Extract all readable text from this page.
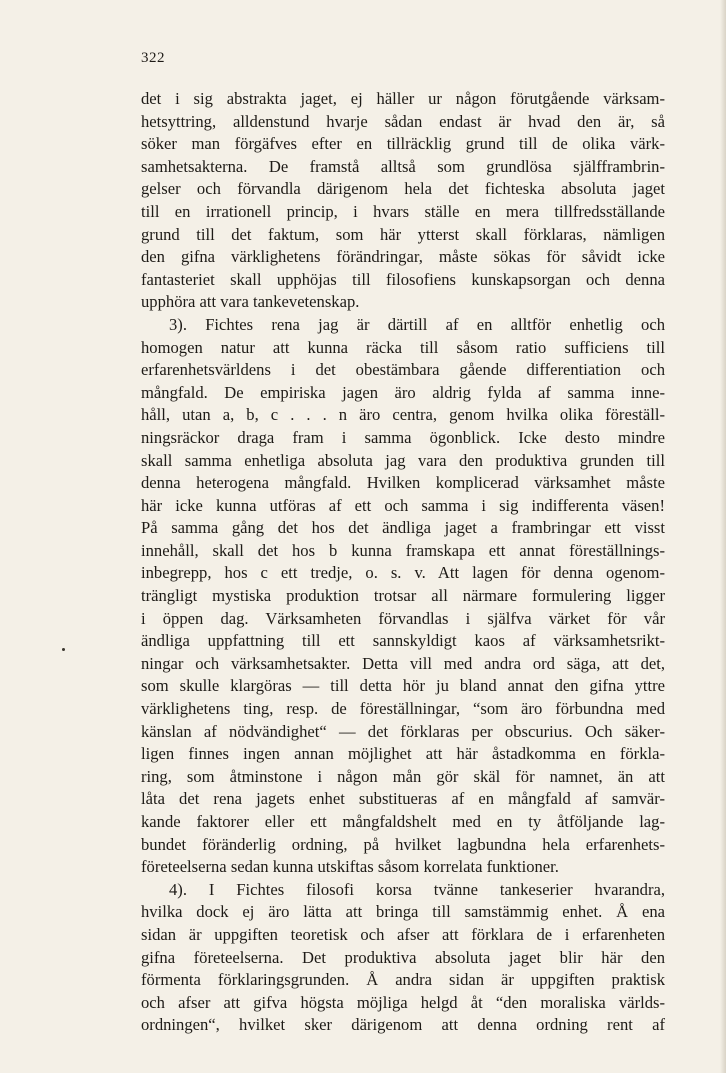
322
det i sig abstrakta jaget, ej häller ur någon förutgående värksam-
hetsyttring, alldenstund hvarje sådan endast är hvad den är, så
söker man förgäfves efter en tillräcklig grund till de olika värk-
samhetsakterna. De framstå alltså som grundlösa själfframbrin-
gelser och förvandla därigenom hela det fichteska absoluta jaget
till en irrationell princip, i hvars ställe en mera tillfredsställande
grund till det faktum, som här ytterst skall förklaras, nämligen
den gifna värklighetens förändringar, måste sökas för såvidt icke
fantasteriet skall upphöjas till filosofiens kunskapsorgan och denna
upphöra att vara tankevetenskap.
3). Fichtes rena jag är därtill af en alltför enhetlig och
homogen natur att kunna räcka till såsom ratio sufficiens till
erfarenhetsvärldens i det obestämbara gående differentiation och
mångfald. De empiriska jagen äro aldrig fylda af samma inne-
håll, utan a, b, c . . . n äro centra, genom hvilka olika föreställ-
ningsräckor draga fram i samma ögonblick. Icke desto mindre
skall samma enhetliga absoluta jag vara den produktiva grunden till
denna heterogena mångfald. Hvilken komplicerad värksamhet måste
här icke kunna utföras af ett och samma i sig indifferenta väsen!
På samma gång det hos det ändliga jaget a frambringar ett visst
innehåll, skall det hos b kunna framskapa ett annat föreställnings-
inbegrepp, hos c ett tredje, o. s. v. Att lagen för denna ogenom-
trängligt mystiska produktion trotsar all närmare formulering ligger
i öppen dag. Värksamheten förvandlas i själfva värket för vår
ändliga uppfattning till ett sannskyldigt kaos af värksamhetsrikt-
ningar och värksamhetsakter. Detta vill med andra ord säga, att det,
som skulle klargöras — till detta hör ju bland annat den gifna yttre
värklighetens ting, resp. de föreställningar, “som äro förbundna med
känslan af nödvändighet“ — det förklaras per obscurius. Och säker-
ligen finnes ingen annan möjlighet att här åstadkomma en förkla-
ring, som åtminstone i någon mån gör skäl för namnet, än att
låta det rena jagets enhet substitueras af en mångfald af samvär-
kande faktorer eller ett mångfaldshelt med en ty åtföljande lag-
bundet föränderlig ordning, på hvilket lagbundna hela erfarenhets-
företeelserna sedan kunna utskiftas såsom korrelata funktioner.
4). I Fichtes filosofi korsa tvänne tankeserier hvarandra,
hvilka dock ej äro lätta att bringa till samstämmig enhet. Å ena
sidan är uppgiften teoretisk och afser att förklara de i erfarenheten
gifna företeelserna. Det produktiva absoluta jaget blir här den
förmenta förklaringsgrunden. Å andra sidan är uppgiften praktisk
och afser att gifva högsta möjliga helgd åt “den moraliska världs-
ordningen“, hvilket sker därigenom att denna ordning rent af
